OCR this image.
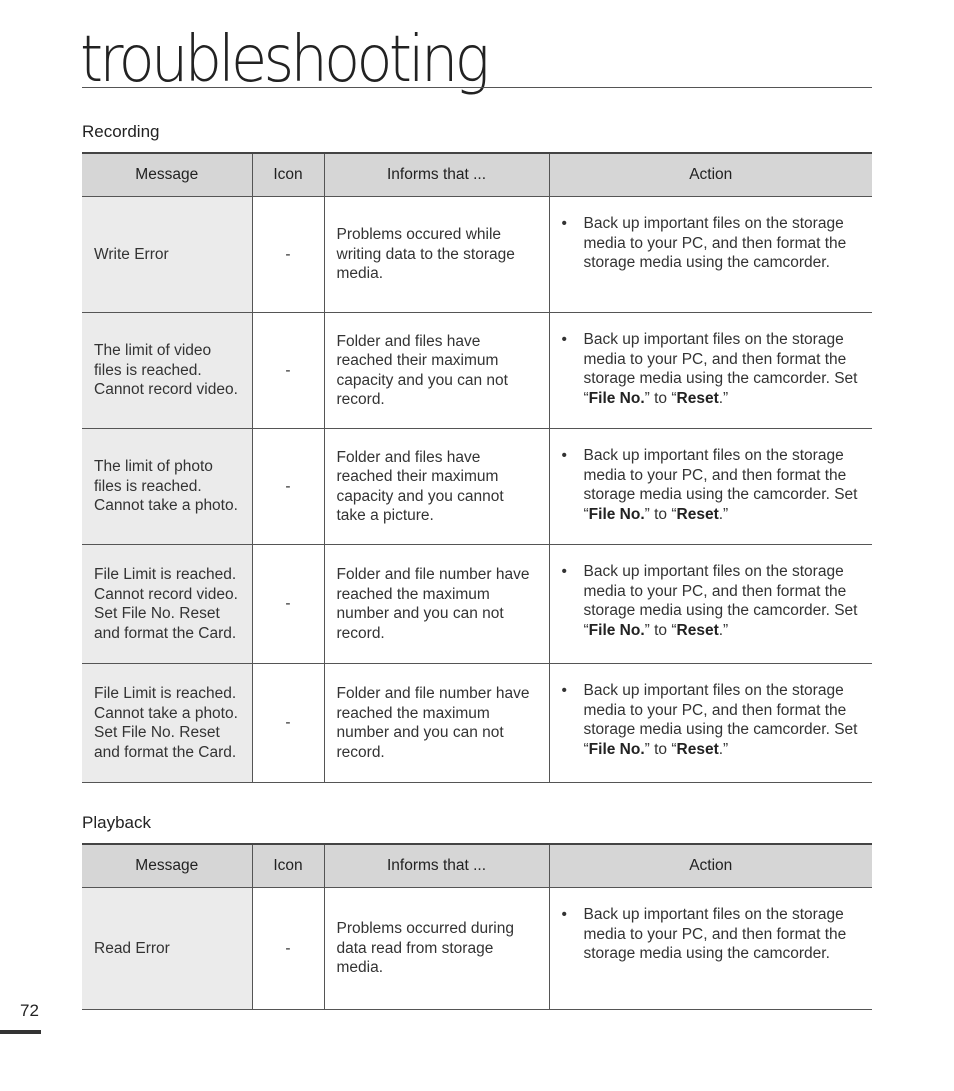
troubleshooting
Recording
Message	Icon	Informs that ...	Action
Write Error	-	Problems occured while writing data to the storage media.	• Back up important files on the storage media to your PC, and then format the storage media using the camcorder.

The limit of video files is reached. Cannot record video.	-	Folder and files have reached their maximum capacity and you can not record.	• Back up important files on the storage media to your PC, and then format the storage media using the camcorder. Set “File No.” to “Reset.”

The limit of photo files is reached. Cannot take a photo.	-	Folder and files have reached their maximum capacity and you cannot take a picture.	• Back up important files on the storage media to your PC, and then format the storage media using the camcorder. Set “File No.” to “Reset.”

File Limit is reached. Cannot record video. Set File No. Reset and format the Card.	-	Folder and file number have reached the maximum number and you can not record.	• Back up important files on the storage media to your PC, and then format the storage media using the camcorder. Set “File No.” to “Reset.”

File Limit is reached. Cannot take a photo. Set File No. Reset and format the Card.	-	Folder and file number have reached the maximum number and you can not record.	• Back up important files on the storage media to your PC, and then format the storage media using the camcorder. Set “File No.” to “Reset.”
Playback
Message	Icon	Informs that ...	Action
Read Error	-	Problems occurred during data read from storage media.	• Back up important files on the storage media to your PC, and then format the storage media using the camcorder.
72
